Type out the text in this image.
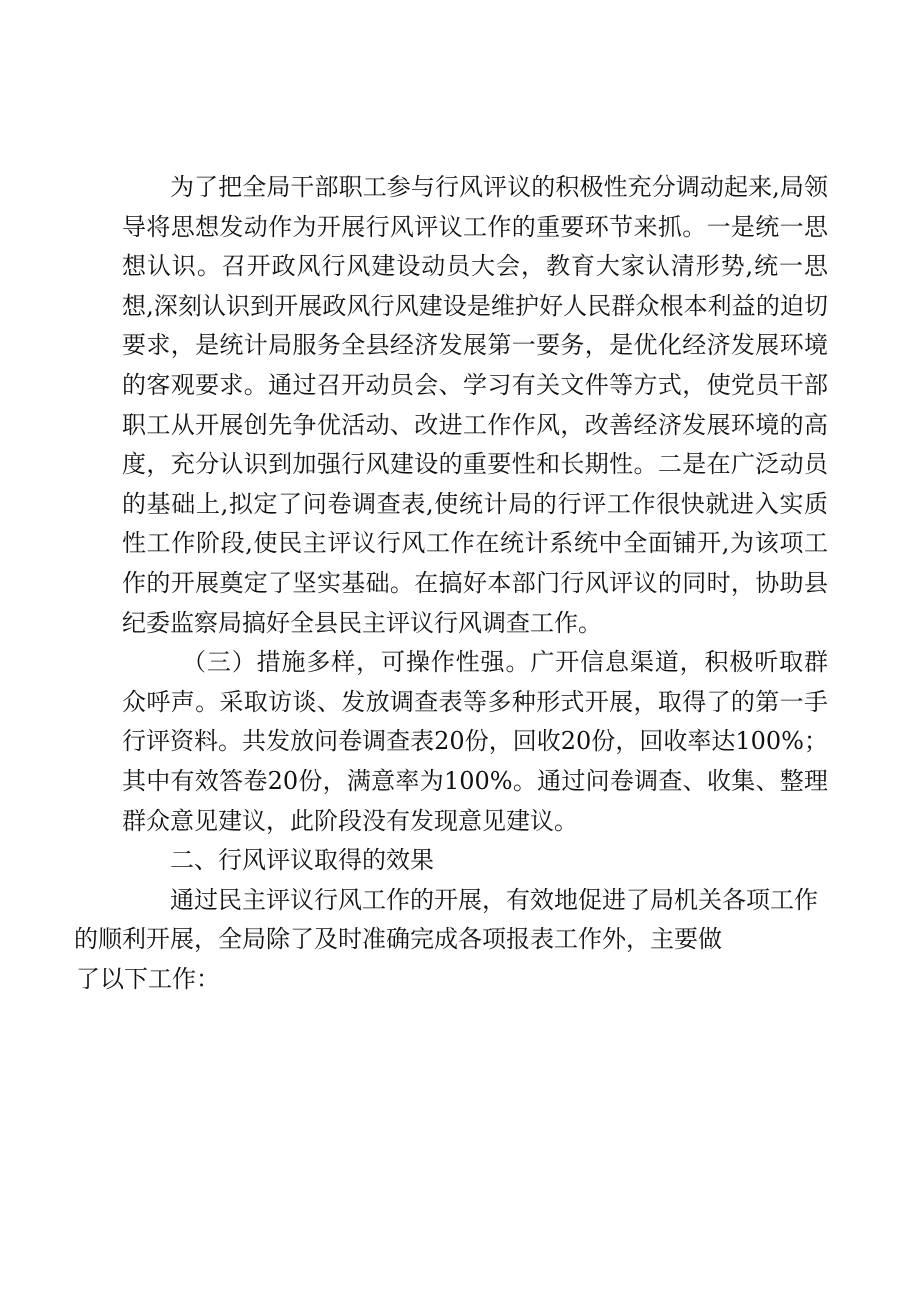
为了把全局干部职工参与行风评议的积极性充分调动起来,局领导将思想发动作为开展行风评议工作的重要环节来抓。一是统一思想认识。召开政风行风建设动员大会，教育大家认清形势,统一思想,深刻认识到开展政风行风建设是维护好人民群众根本利益的迫切要求，是统计局服务全县经济发展第一要务，是优化经济发展环境的客观要求。通过召开动员会、学习有关文件等方式，使党员干部职工从开展创先争优活动、改进工作作风，改善经济发展环境的高度，充分认识到加强行风建设的重要性和长期性。二是在广泛动员的基础上,拟定了问卷调查表,使统计局的行评工作很快就进入实质性工作阶段,使民主评议行风工作在统计系统中全面铺开,为该项工作的开展奠定了坚实基础。在搞好本部门行风评议的同时，协助县纪委监察局搞好全县民主评议行风调查工作。

（三）措施多样，可操作性强。广开信息渠道，积极听取群众呼声。采取访谈、发放调查表等多种形式开展，取得了的第一手行评资料。共发放问卷调查表20份，回收20份，回收率达100%；其中有效答卷20份，满意率为100%。通过问卷调查、收集、整理群众意见建议，此阶段没有发现意见建议。

二、行风评议取得的效果

通过民主评议行风工作的开展，有效地促进了局机关各项工作
的顺利开展，全局除了及时准确完成各项报表工作外，主要做
了以下工作：
